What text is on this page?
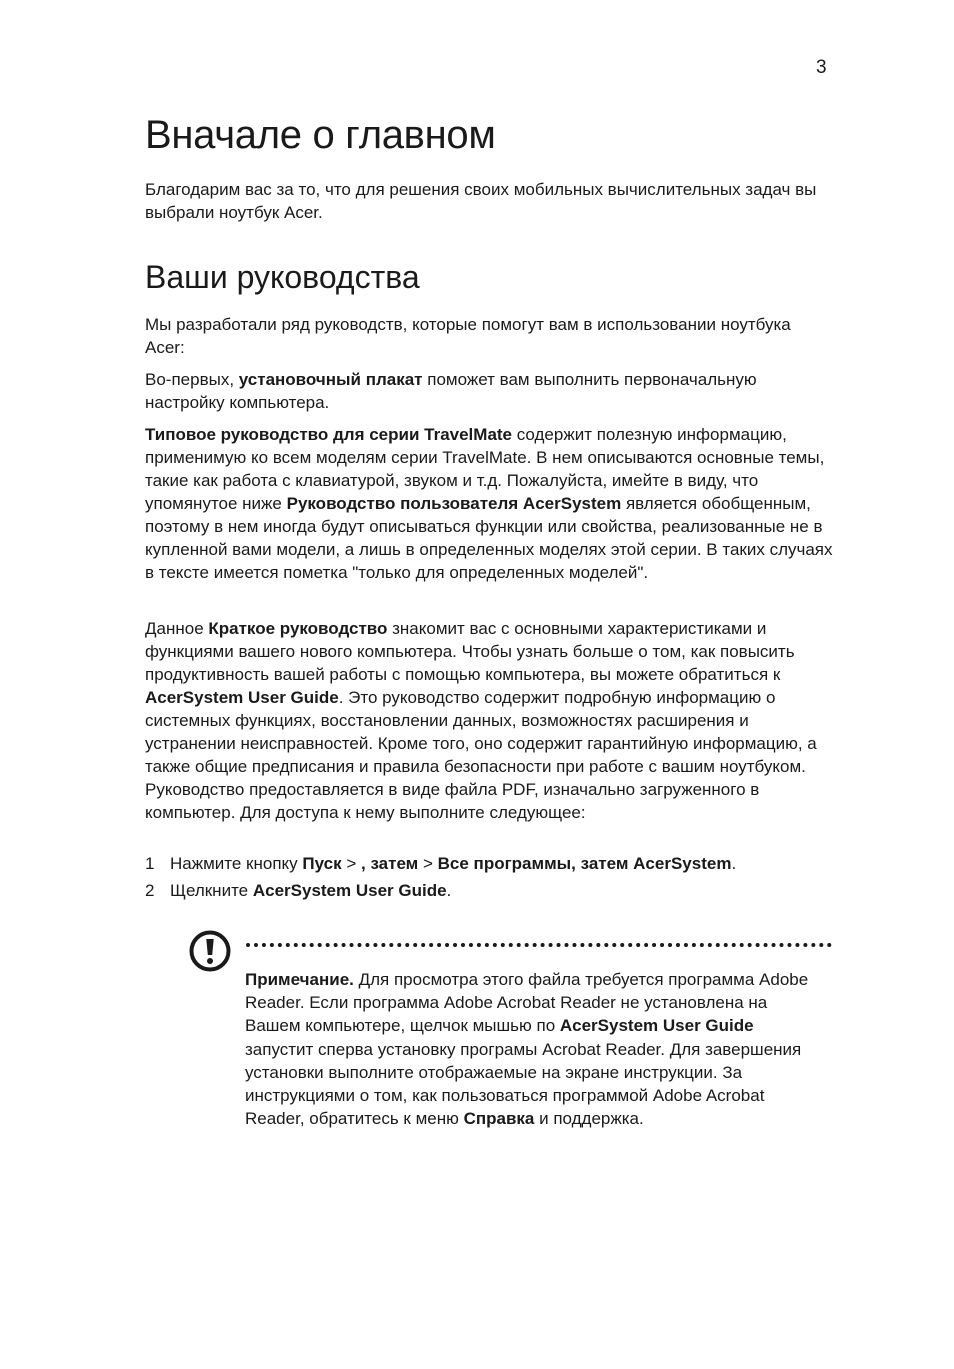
3
Вначале о главном

Благодарим вас за то, что для решения своих мобильных вычислительных задач вы выбрали ноутбук Acer.

Ваши руководства

Мы разработали ряд руководств, которые помогут вам в использовании ноутбука Acer:

Во-первых, установочный плакат поможет вам выполнить первоначальную настройку компьютера.

Типовое руководство для серии TravelMate содержит полезную информацию, применимую ко всем моделям серии TravelMate. В нем описываются основные темы, такие как работа с клавиатурой, звуком и т.д. Пожалуйста, имейте в виду, что упомянутое ниже Руководство пользователя AcerSystem является обобщенным, поэтому в нем иногда будут описываться функции или свойства, реализованные не в купленной вами модели, а лишь в определенных моделях этой серии. В таких случаях в тексте имеется пометка "только для определенных моделей".

Данное Краткое руководство знакомит вас с основными характеристиками и функциями вашего нового компьютера. Чтобы узнать больше о том, как повысить продуктивность вашей работы с помощью компьютера, вы можете обратиться к AcerSystem User Guide. Это руководство содержит подробную информацию о системных функциях, восстановлении данных, возможностях расширения и устранении неисправностей. Кроме того, оно содержит гарантийную информацию, а также общие предписания и правила безопасности при работе с вашим ноутбуком. Руководство предоставляется в виде файла PDF, изначально загруженного в компьютер. Для доступа к нему выполните следующее:

1 Нажмите кнопку Пуск > , затем > Все программы, затем AcerSystem.
2 Щелкните AcerSystem User Guide.

Примечание. Для просмотра этого файла требуется программа Adobe Reader. Если программа Adobe Acrobat Reader не установлена на Вашем компьютере, щелчок мышью по AcerSystem User Guide запустит сперва установку програмы Acrobat Reader. Для завершения установки выполните отображаемые на экране инструкции. За инструкциями о том, как пользоваться программой Adobe Acrobat Reader, обратитесь к меню Справка и поддержка.
